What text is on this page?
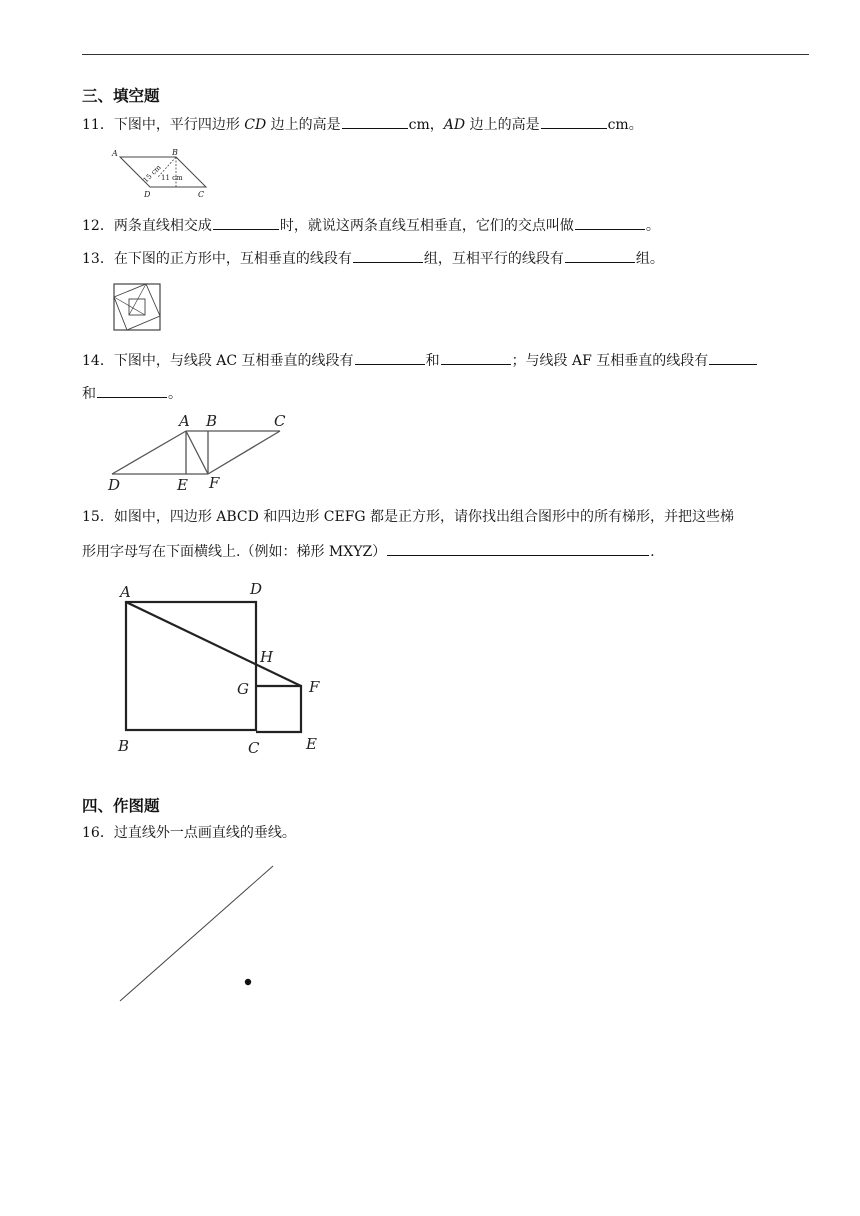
三、填空题
11．下图中，平行四边形 CD 边上的高是	cm，AD 边上的高是	cm。
A	B
D	C
15 cm
11 cm
12．两条直线相交成	时，就说这两条直线互相垂直，它们的交点叫做	。
13．在下图的正方形中，互相垂直的线段有	组，互相平行的线段有	组。
14．下图中，与线段 AC 互相垂直的线段有	和	；与线段 AF 互相垂直的线段有
和	。
A B	C
D	E F
15．如图中，四边形 ABCD 和四边形 CEFG 都是正方形，请你找出组合图形中的所有梯形，并把这些梯
形用字母写在下面横线上.（例如：梯形 MXYZ）	.
A	D
H
G	F
B	C	E
四、作图题
16．过直线外一点画直线的垂线。
